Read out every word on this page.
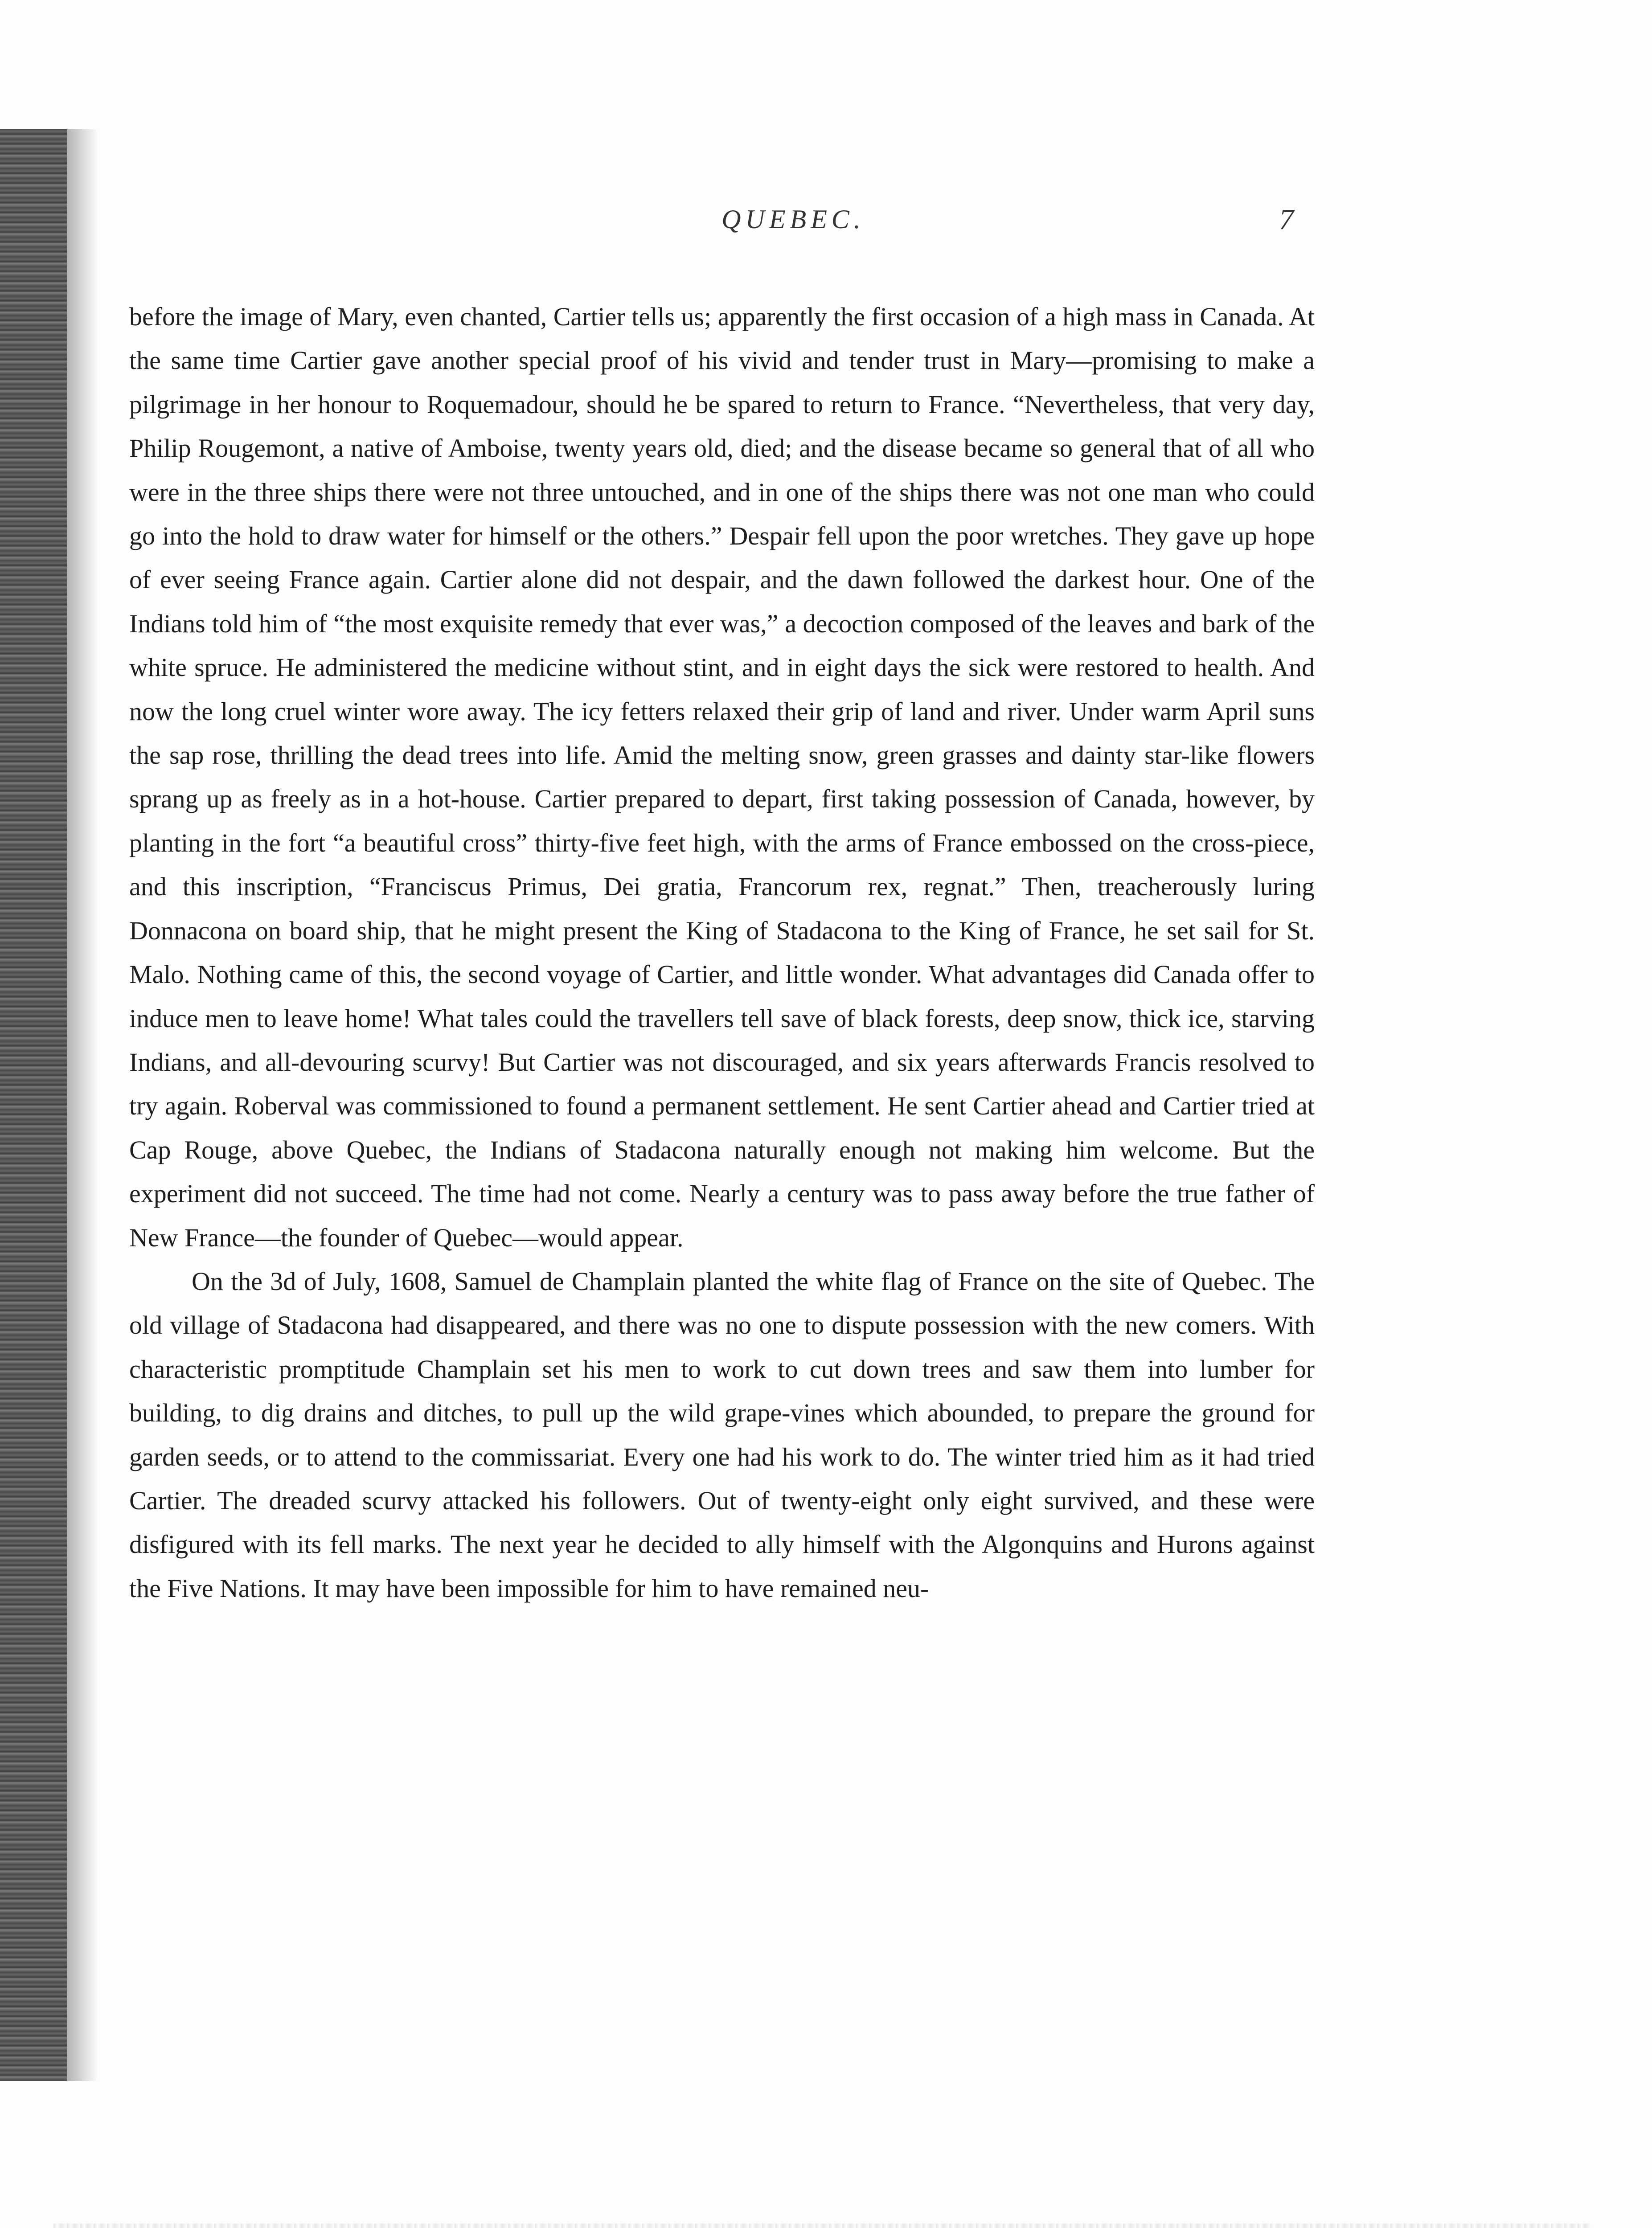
QUEBEC.	7

before the image of Mary, even chanted, Cartier tells us; apparently the first occasion of a high mass in Canada. At the same time Cartier gave another special proof of his vivid and tender trust in Mary—promising to make a pilgrimage in her honour to Roquemadour, should he be spared to return to France. “Nevertheless, that very day, Philip Rougemont, a native of Amboise, twenty years old, died; and the disease became so general that of all who were in the three ships there were not three untouched, and in one of the ships there was not one man who could go into the hold to draw water for himself or the others.” Despair fell upon the poor wretches. They gave up hope of ever seeing France again. Cartier alone did not despair, and the dawn followed the darkest hour. One of the Indians told him of “the most exquisite remedy that ever was,” a decoction composed of the leaves and bark of the white spruce. He administered the medicine without stint, and in eight days the sick were restored to health. And now the long cruel winter wore away. The icy fetters relaxed their grip of land and river. Under warm April suns the sap rose, thrilling the dead trees into life. Amid the melting snow, green grasses and dainty star-like flowers sprang up as freely as in a hot-house. Cartier prepared to depart, first taking possession of Canada, however, by planting in the fort “a beautiful cross” thirty-five feet high, with the arms of France embossed on the cross-piece, and this inscription, “Franciscus Primus, Dei gratia, Francorum rex, regnat.” Then, treacherously luring Donnacona on board ship, that he might present the King of Stadacona to the King of France, he set sail for St. Malo. Nothing came of this, the second voyage of Cartier, and little wonder. What advantages did Canada offer to induce men to leave home! What tales could the travellers tell save of black forests, deep snow, thick ice, starving Indians, and all-devouring scurvy! But Cartier was not discouraged, and six years afterwards Francis resolved to try again. Roberval was commissioned to found a permanent settlement. He sent Cartier ahead and Cartier tried at Cap Rouge, above Quebec, the Indians of Stadacona naturally enough not making him welcome. But the experiment did not succeed. The time had not come. Nearly a century was to pass away before the true father of New France—the founder of Quebec—would appear.

On the 3d of July, 1608, Samuel de Champlain planted the white flag of France on the site of Quebec. The old village of Stadacona had disappeared, and there was no one to dispute possession with the new comers. With characteristic promptitude Champlain set his men to work to cut down trees and saw them into lumber for building, to dig drains and ditches, to pull up the wild grape-vines which abounded, to prepare the ground for garden seeds, or to attend to the commissariat. Every one had his work to do. The winter tried him as it had tried Cartier. The dreaded scurvy attacked his followers. Out of twenty-eight only eight survived, and these were disfigured with its fell marks. The next year he decided to ally himself with the Algonquins and Hurons against the Five Nations. It may have been impossible for him to have remained neu-
